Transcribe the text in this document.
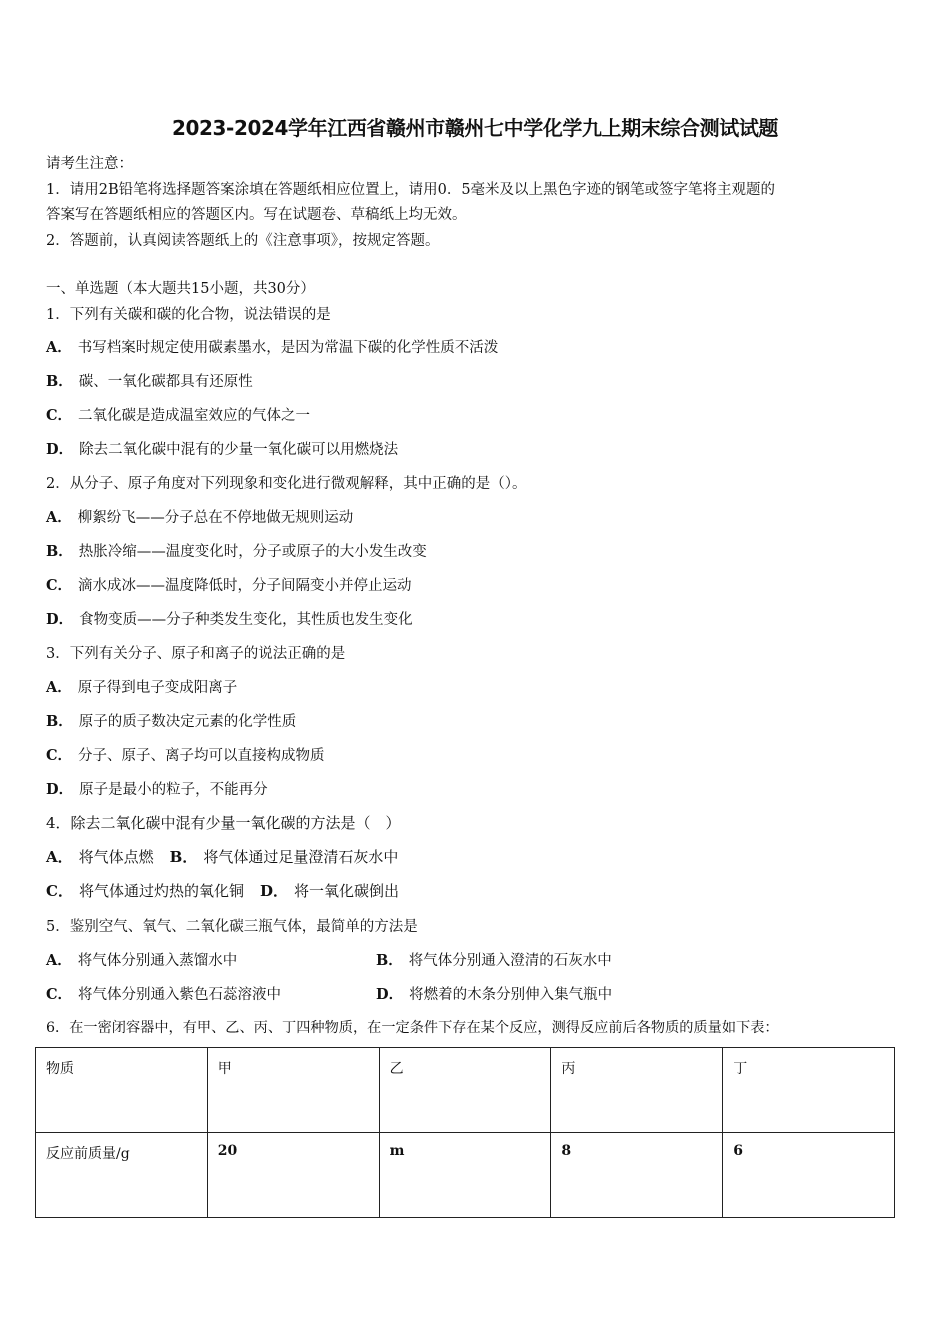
2023-2024学年江西省赣州市赣州七中学化学九上期末综合测试试题
请考生注意：
1．请用2B铅笔将选择题答案涂填在答题纸相应位置上，请用0．5毫米及以上黑色字迹的钢笔或签字笔将主观题的
答案写在答题纸相应的答题区内。写在试题卷、草稿纸上均无效。
2．答题前，认真阅读答题纸上的《注意事项》，按规定答题。
一、单选题（本大题共15小题，共30分）
1．下列有关碳和碳的化合物，说法错误的是
A． 书写档案时规定使用碳素墨水，是因为常温下碳的化学性质不活泼
B． 碳、一氧化碳都具有还原性
C． 二氧化碳是造成温室效应的气体之一
D． 除去二氧化碳中混有的少量一氧化碳可以用燃烧法
2．从分子、原子角度对下列现象和变化进行微观解释，其中正确的是（）。
A． 柳絮纷飞——分子总在不停地做无规则运动
B． 热胀冷缩——温度变化时，分子或原子的大小发生改变
C． 滴水成冰——温度降低时，分子间隔变小并停止运动
D． 食物变质——分子种类发生变化，其性质也发生变化
3．下列有关分子、原子和离子的说法正确的是
A． 原子得到电子变成阳离子
B． 原子的质子数决定元素的化学性质
C． 分子、原子、离子均可以直接构成物质
D． 原子是最小的粒子，不能再分
4．除去二氧化碳中混有少量一氧化碳的方法是（　）
A． 将气体点燃 B． 将气体通过足量澄清石灰水中
C． 将气体通过灼热的氧化铜 D． 将一氧化碳倒出
5．鉴别空气、氧气、二氧化碳三瓶气体，最简单的方法是
A． 将气体分别通入蒸馏水中	B． 将气体分别通入澄清的石灰水中
C． 将气体分别通入紫色石蕊溶液中	D． 将燃着的木条分别伸入集气瓶中
6．在一密闭容器中，有甲、乙、丙、丁四种物质，在一定条件下存在某个反应，测得反应前后各物质的质量如下表：
物质	甲	乙	丙	丁
反应前质量/g	20	m	8	6
